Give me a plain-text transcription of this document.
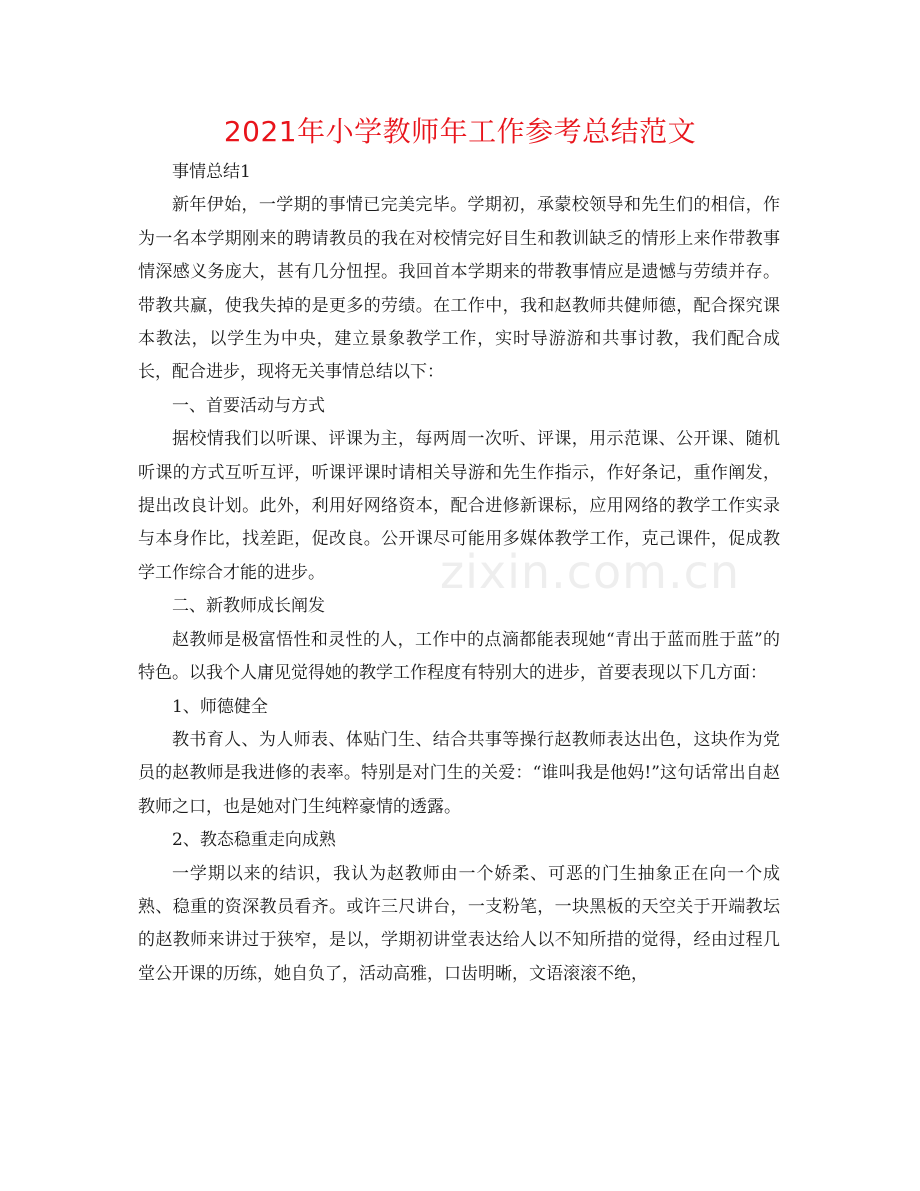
2021年小学教师年工作参考总结范文

事情总结1

新年伊始，一学期的事情已完美完毕。学期初，承蒙校领导和先生们的相信，作为一名本学期刚来的聘请教员的我在对校情完好目生和教训缺乏的情形上来作带教事情深感义务庞大，甚有几分忸捏。我回首本学期来的带教事情应是遗憾与劳绩并存。带教共赢，使我失掉的是更多的劳绩。在工作中，我和赵教师共健师德，配合探究课本教法，以学生为中央，建立景象教学工作，实时导游游和共事讨教，我们配合成长，配合进步，现将无关事情总结以下：

一、首要活动与方式

据校情我们以听课、评课为主，每两周一次听、评课，用示范课、公开课、随机听课的方式互听互评，听课评课时请相关导游和先生作指示，作好条记，重作阐发，提出改良计划。此外，利用好网络资本，配合进修新课标，应用网络的教学工作实录与本身作比，找差距，促改良。公开课尽可能用多媒体教学工作，克己课件，促成教学工作综合才能的进步。

二、新教师成长阐发

赵教师是极富悟性和灵性的人，工作中的点滴都能表现她“青出于蓝而胜于蓝”的特色。以我个人庸见觉得她的教学工作程度有特别大的进步，首要表现以下几方面：

1、师德健全

教书育人、为人师表、体贴门生、结合共事等操行赵教师表达出色，这块作为党员的赵教师是我进修的表率。特别是对门生的关爱：“谁叫我是他妈!”这句话常出自赵教师之口，也是她对门生纯粹豪情的透露。

2、教态稳重走向成熟

一学期以来的结识，我认为赵教师由一个娇柔、可恶的门生抽象正在向一个成熟、稳重的资深教员看齐。或许三尺讲台，一支粉笔，一块黑板的天空关于开端教坛的赵教师来讲过于狭窄，是以，学期初讲堂表达给人以不知所措的觉得，经由过程几堂公开课的历练，她自负了，活动高雅，口齿明晰，文语滚滚不绝，

zixin.com.cn
